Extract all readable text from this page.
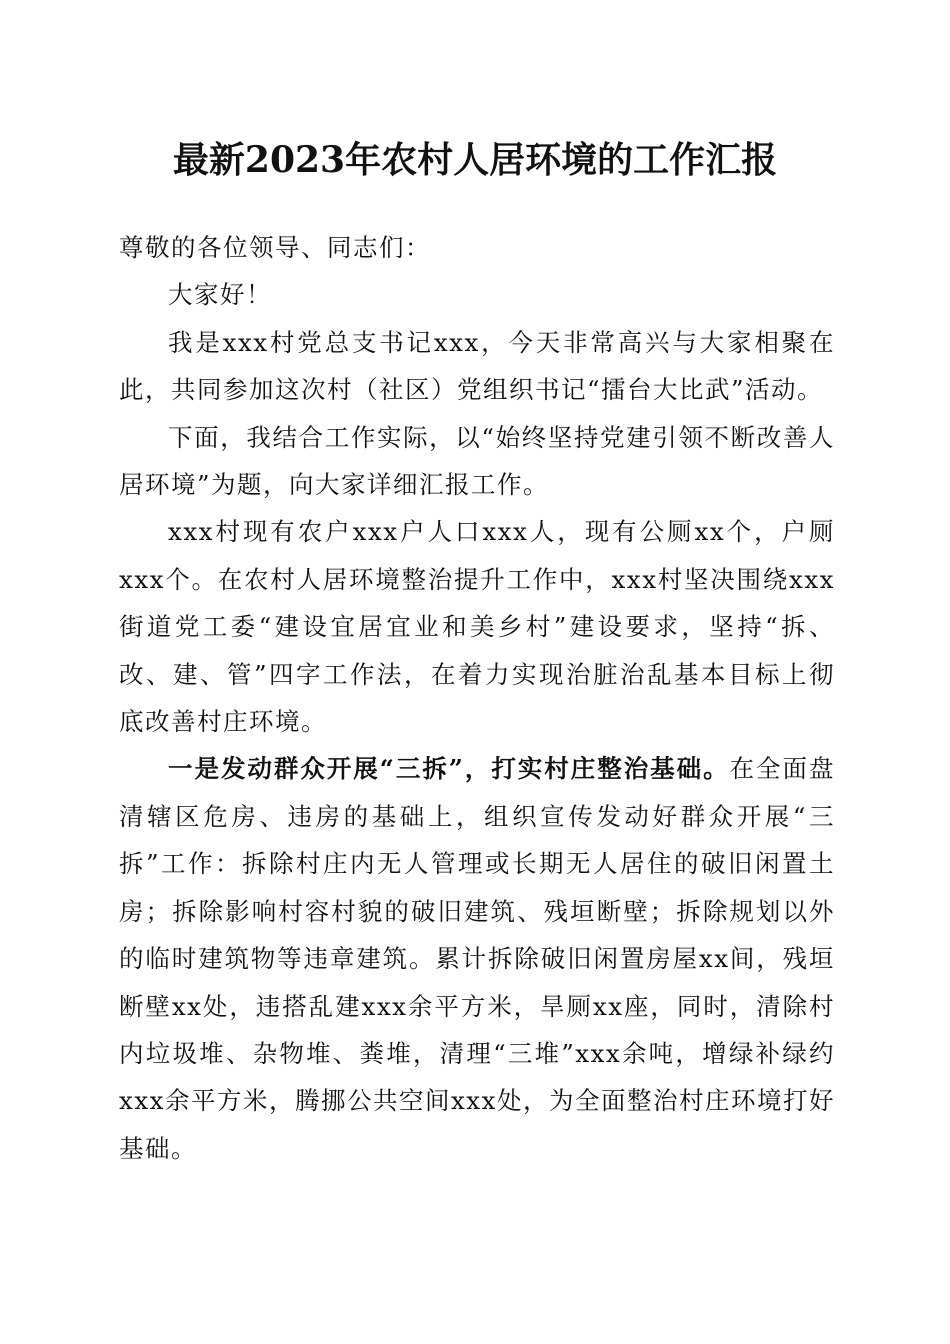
最新2023年农村人居环境的工作汇报

尊敬的各位领导、同志们：

大家好！

我是xxx村党总支书记xxx，今天非常高兴与大家相聚在此，共同参加这次村（社区）党组织书记“擂台大比武”活动。

下面，我结合工作实际，以“始终坚持党建引领不断改善人居环境”为题，向大家详细汇报工作。

xxx村现有农户xxx户人口xxx人，现有公厕xx个，户厕xxx个。在农村人居环境整治提升工作中，xxx村坚决围绕xxx街道党工委“建设宜居宜业和美乡村”建设要求，坚持“拆、改、建、管”四字工作法，在着力实现治脏治乱基本目标上彻底改善村庄环境。

一是发动群众开展“三拆”，打实村庄整治基础。在全面盘清辖区危房、违房的基础上，组织宣传发动好群众开展“三拆”工作：拆除村庄内无人管理或长期无人居住的破旧闲置土房；拆除影响村容村貌的破旧建筑、残垣断壁；拆除规划以外的临时建筑物等违章建筑。累计拆除破旧闲置房屋xx间，残垣断壁xx处，违搭乱建xxx余平方米，旱厕xx座，同时，清除村内垃圾堆、杂物堆、粪堆，清理“三堆”xxx余吨，增绿补绿约xxx余平方米，腾挪公共空间xxx处，为全面整治村庄环境打好基础。
